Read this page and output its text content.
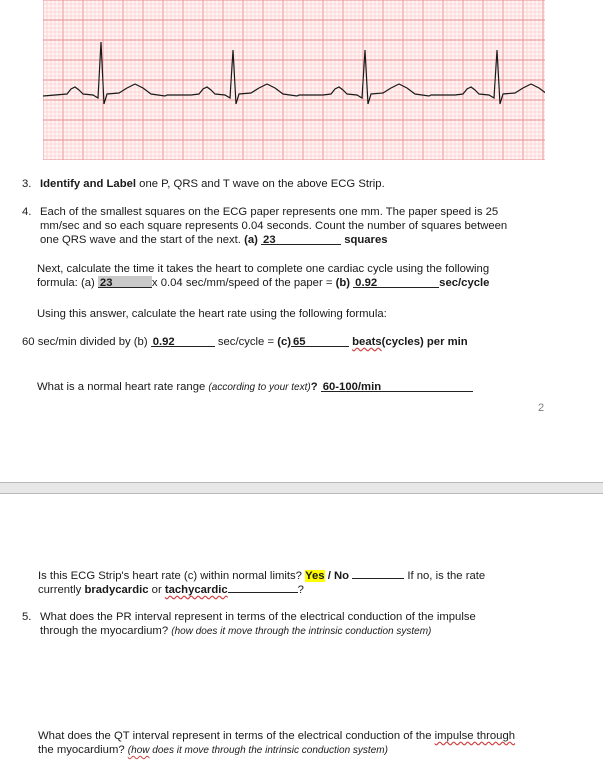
3. Identify and Label one P, QRS and T wave on the above ECG Strip.
4. Each of the smallest squares on the ECG paper represents one mm. The paper speed is 25
mm/sec and so each square represents 0.04 seconds. Count the number of squares between
one QRS wave and the start of the next. (a) 23	squares
Next, calculate the time it takes the heart to complete one cardiac cycle using the following
formula: (a) 23	x 0.04 sec/mm/speed of the paper = (b) 0.92	sec/cycle
Using this answer, calculate the heart rate using the following formula:
60 sec/min divided by (b) 0.92	sec/cycle = (c) 65	beats(cycles) per min
What is a normal heart rate range (according to your text)? 60-100/min
2
Is this ECG Strip's heart rate (c) within normal limits? Yes / No	If no, is the rate
currently bradycardic or tachycardic	?
5. What does the PR interval represent in terms of the electrical conduction of the impulse
through the myocardium? (how does it move through the intrinsic conduction system)
What does the QT interval represent in terms of the electrical conduction of the impulse through
the myocardium? (how does it move through the intrinsic conduction system)
